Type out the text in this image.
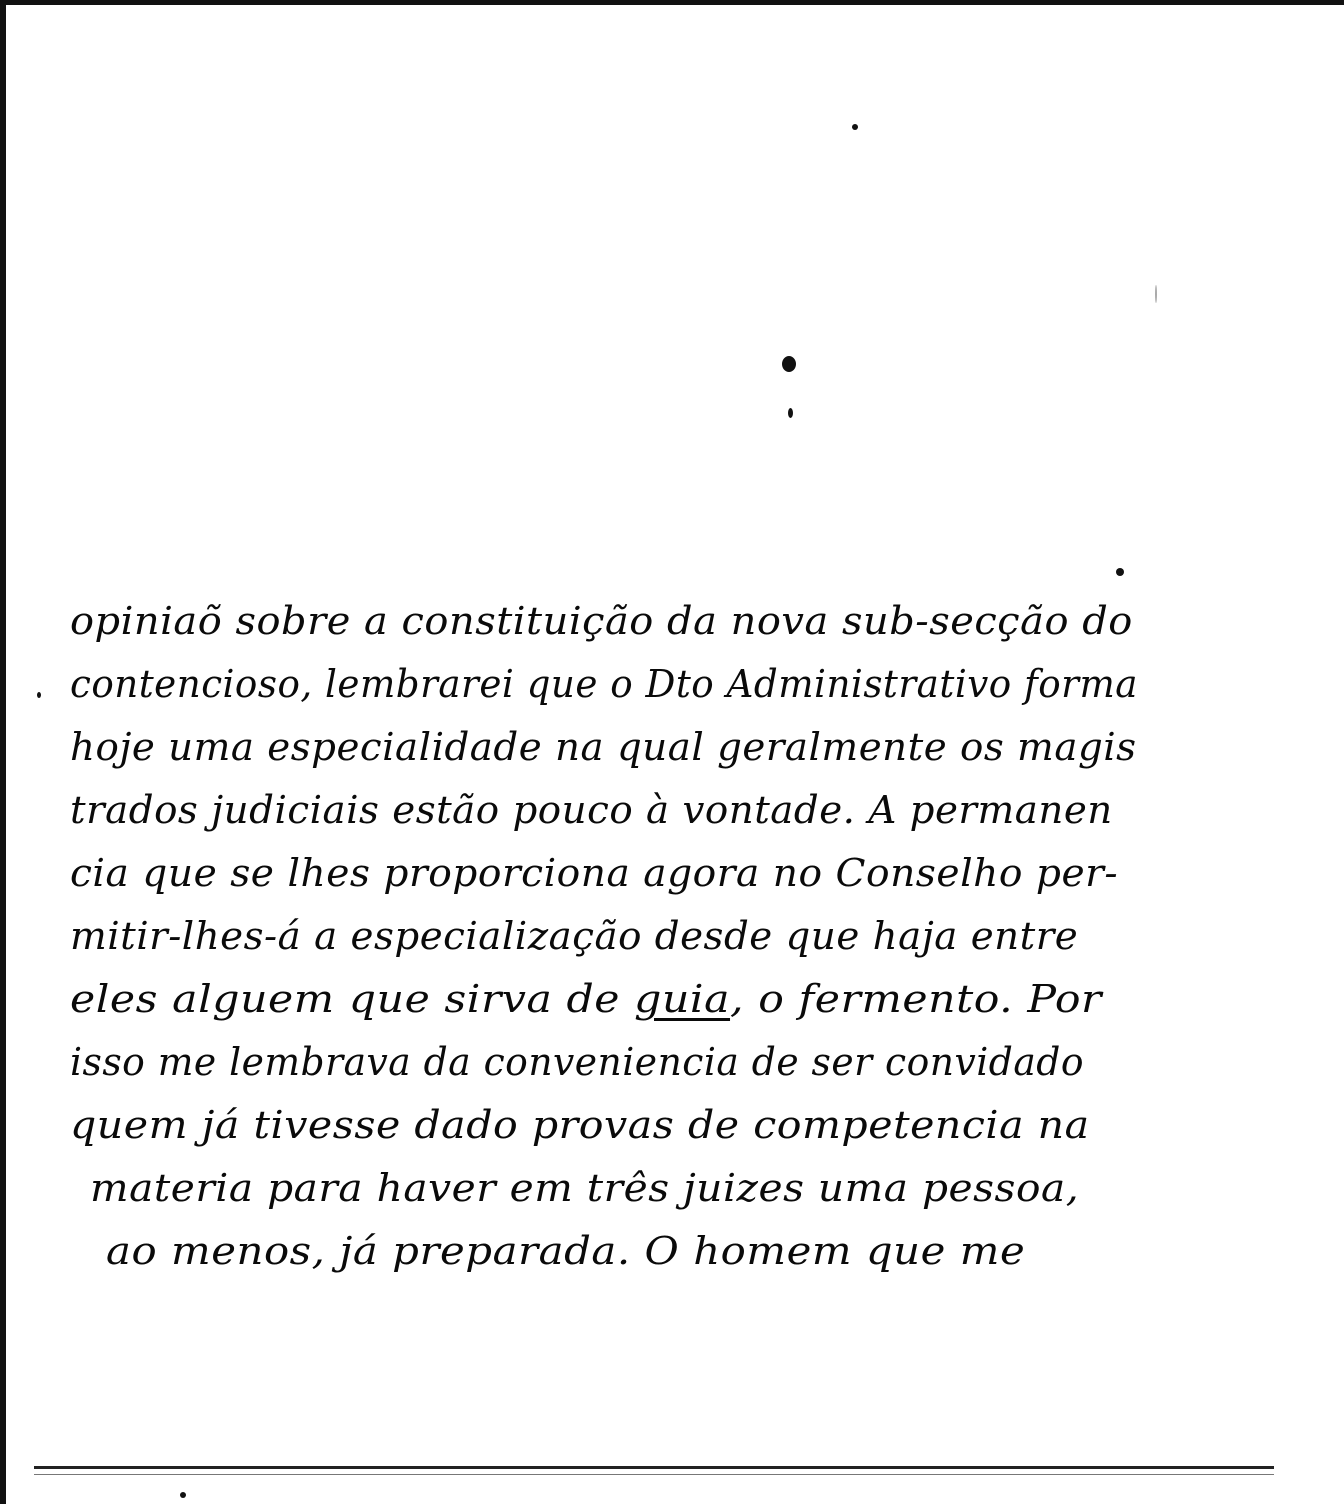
opiniaõ sobre a constituição da nova sub-secção do
contencioso, lembrarei que o Dto Administrativo forma
hoje uma especialidade na qual geralmente os magis
trados judiciais estão pouco à vontade. A permanen
cia que se lhes proporciona agora no Conselho per-
mitir-lhes-á a especialização desde que haja entre
eles alguem que sirva de guia, o fermento. Por
isso me lembrava da conveniencia de ser convidado
quem já tivesse dado provas de competencia na
materia para haver em três juizes uma pessoa,
ao menos, já preparada. O homem que me
